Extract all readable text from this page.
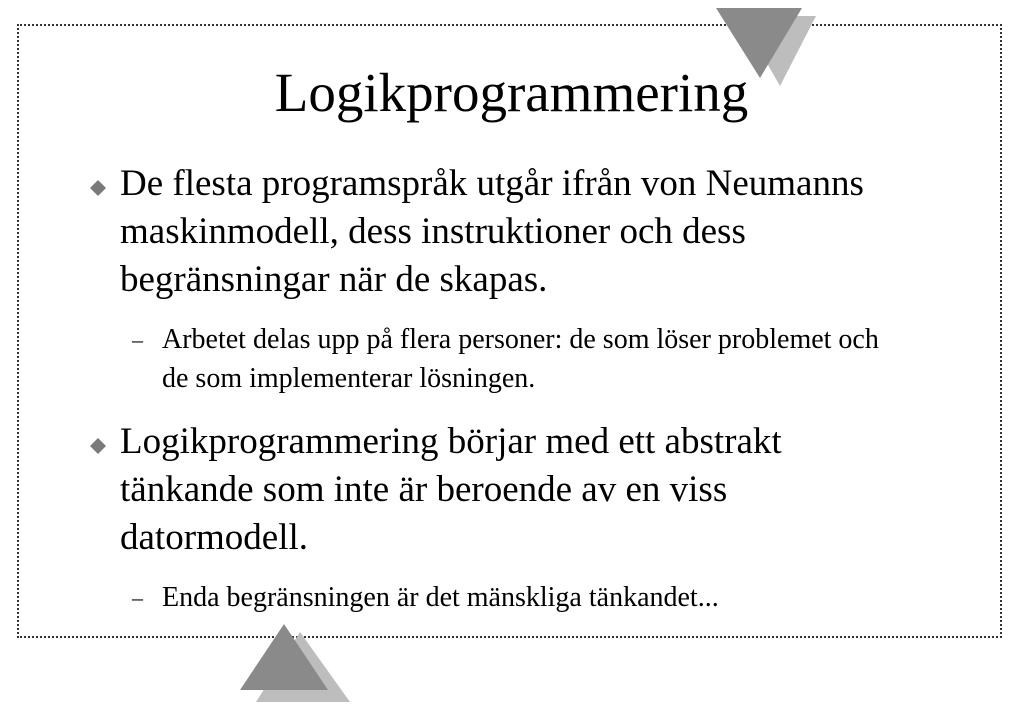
Logikprogrammering
De flesta programspråk utgår ifrån von Neumanns maskinmodell, dess instruktioner och dess begränsningar när de skapas.
– Arbetet delas upp på flera personer: de som löser problemet och de som implementerar lösningen.
Logikprogrammering börjar med ett abstrakt tänkande som inte är beroende av en viss datormodell.
– Enda begränsningen är det mänskliga tänkandet...
